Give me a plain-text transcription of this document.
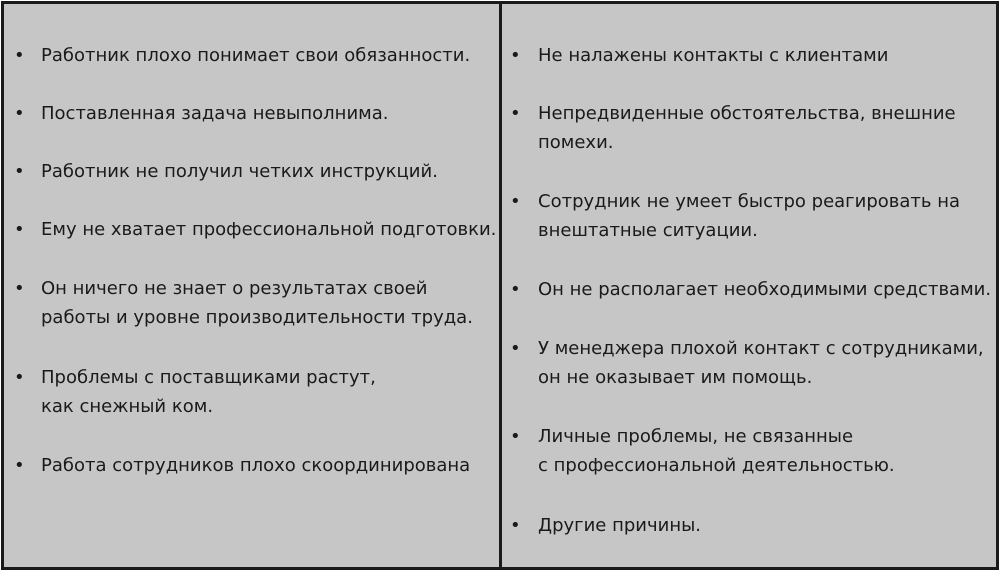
• Работник плохо понимает свои обязанности.
• Поставленная задача невыполнима.
• Работник не получил четких инструкций.
• Ему не хватает профессиональной подготовки.
• Он ничего не знает о результатах своей
работы и уровне производительности труда.
• Проблемы с поставщиками растут,
как снежный ком.
• Работа сотрудников плохо скоординирована
• Не налажены контакты с клиентами
• Непредвиденные обстоятельства, внешние
помехи.
• Сотрудник не умеет быстро реагировать на
внештатные ситуации.
• Он не располагает необходимыми средствами.
• У менеджера плохой контакт с сотрудниками,
он не оказывает им помощь.
• Личные проблемы, не связанные
с профессиональной деятельностью.
• Другие причины.
